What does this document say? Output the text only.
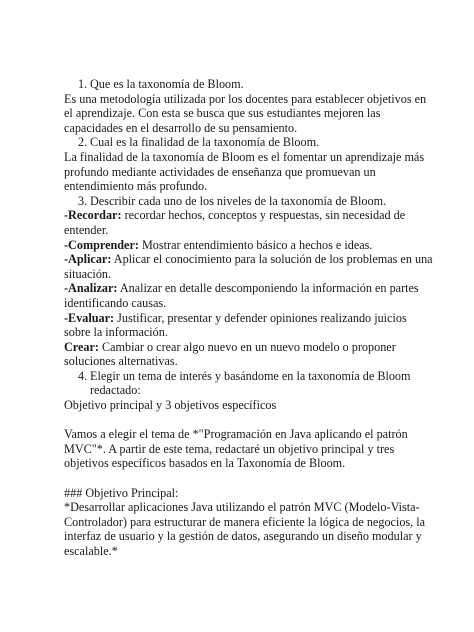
1. Que es la taxonomía de Bloom.

Es una metodología utilizada por los docentes para establecer objetivos en el aprendizaje. Con esta se busca que sus estudiantes mejoren las capacidades en el desarrollo de su pensamiento.

2. Cual es la finalidad de la taxonomía de Bloom.

La finalidad de la taxonomía de Bloom es el fomentar un aprendizaje más profundo mediante actividades de enseñanza que promuevan un entendimiento más profundo.

3. Describir cada uno de los niveles de la taxonomía de Bloom.

-Recordar: recordar hechos, conceptos y respuestas, sin necesidad de entender.

-Comprender: Mostrar entendimiento básico a hechos e ideas.

-Aplicar: Aplicar el conocimiento para la solución de los problemas en una situación.

-Analizar: Analizar en detalle descomponiendo la información en partes identificando causas.

-Evaluar: Justificar, presentar y defender opiniones realizando juicios sobre la información.

Crear: Cambiar o crear algo nuevo en un nuevo modelo o proponer soluciones alternativas.

4. Elegir un tema de interés y basándome en la taxonomía de Bloom redactado:

Objetivo principal y 3 objetivos específicos

Vamos a elegir el tema de *"Programación en Java aplicando el patrón MVC"*. A partir de este tema, redactaré un objetivo principal y tres objetivos específicos basados en la Taxonomía de Bloom.

### Objetivo Principal:

*Desarrollar aplicaciones Java utilizando el patrón MVC (Modelo-Vista-Controlador) para estructurar de manera eficiente la lógica de negocios, la interfaz de usuario y la gestión de datos, asegurando un diseño modular y escalable.*
